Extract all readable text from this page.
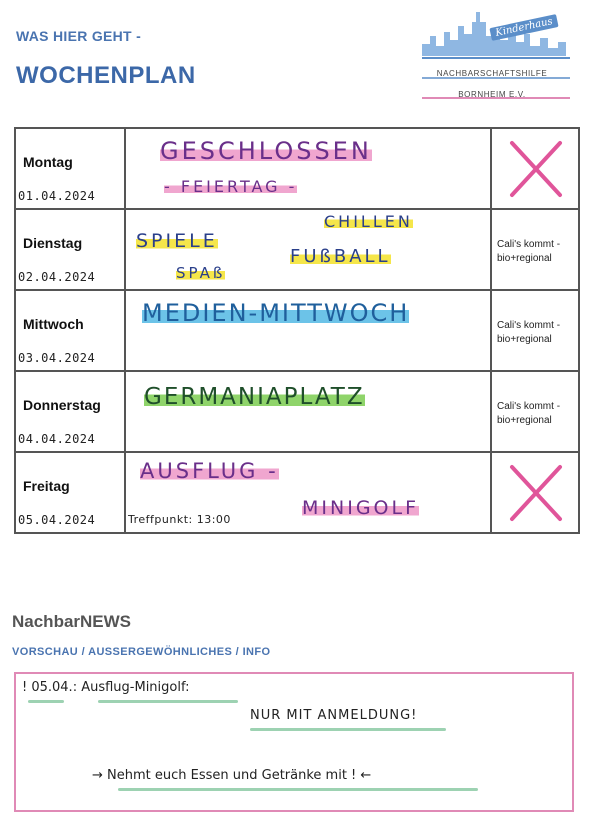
WAS HIER GEHT -
WOCHENPLAN	NACHBARSCHAFTSHILFE
BORNHEIM E.V.
Kinderhaus
Montag
01.04.2024	GESCHLOSSEN
- FEIERTAG -

Dienstag
02.04.2024	SPIELE
CHILLEN
FUßBALL
SPAß	Cali's kommt -
bio+regional

Mittwoch
03.04.2024	MEDIEN-MITTWOCH	Cali's kommt -
bio+regional

Donnerstag
04.04.2024	GERMANIAPLATZ	Cali's kommt -
bio+regional

Freitag
05.04.2024	AUSFLUG -
MINIGOLF
Treffpunkt: 13:00

NachbarNEWS
VORSCHAU / AUSSERGEWÖHNLICHES / INFO
! 05.04.: Ausflug-Minigolf:
NUR MIT ANMELDUNG!
→ Nehmt euch Essen und Getränke mit ! ←
